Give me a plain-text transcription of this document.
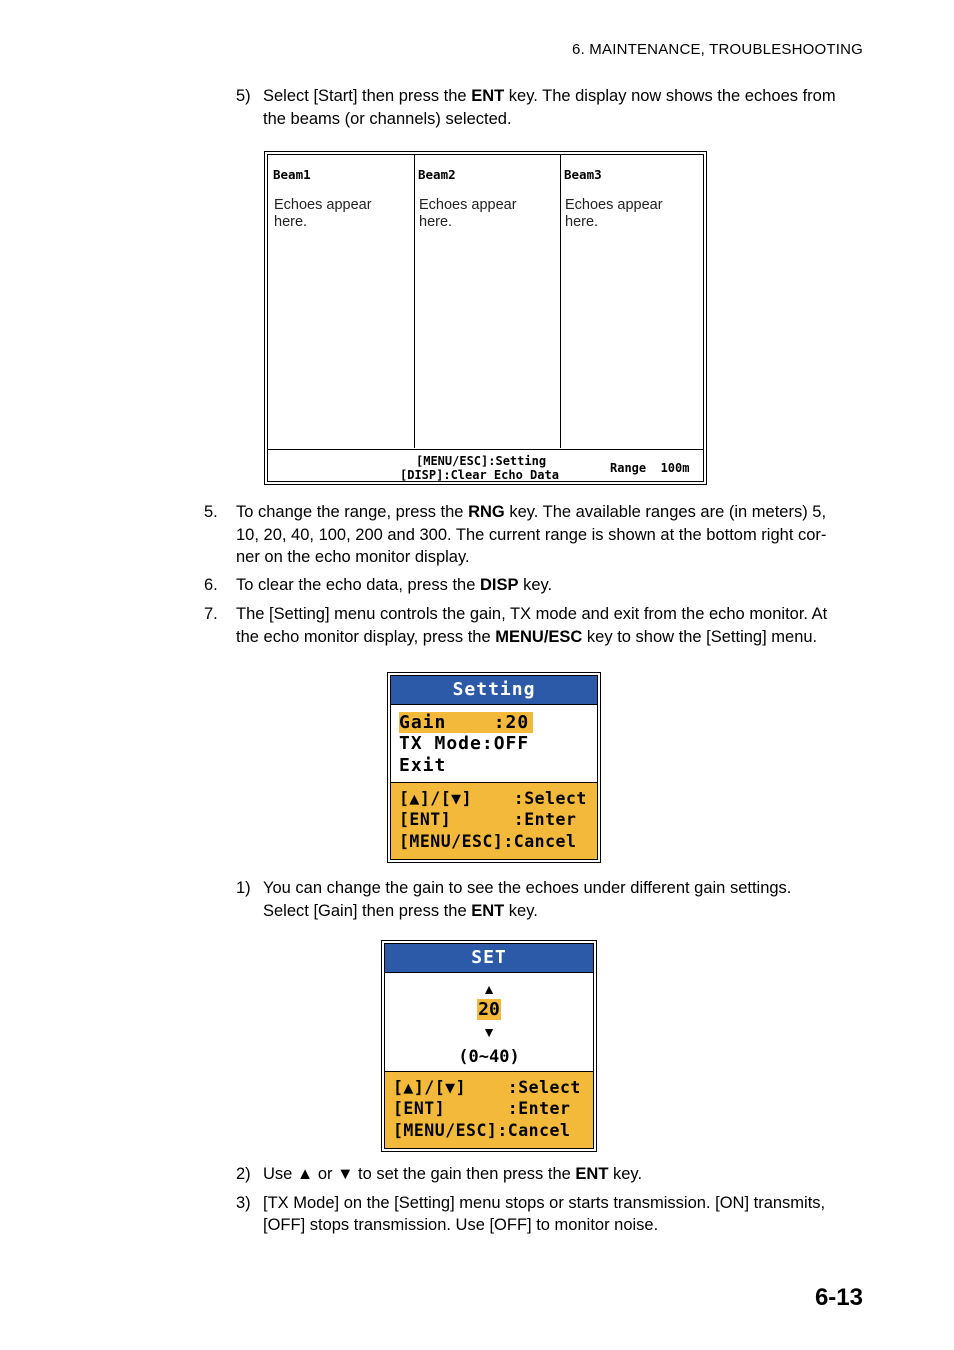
6. MAINTENANCE, TROUBLESHOOTING
5) Select [Start] then press the ENT key. The display now shows the echoes from
the beams (or channels) selected.
Beam1
Echoes appear
here.
Beam2
Echoes appear
here.
Beam3
Echoes appear
here.
[MENU/ESC]:Setting
[DISP]:Clear Echo Data	Range  100m
5. To change the range, press the RNG key. The available ranges are (in meters) 5,
10, 20, 40, 100, 200 and 300. The current range is shown at the bottom right cor-
ner on the echo monitor display.
6. To clear the echo data, press the DISP key.
7. The [Setting] menu controls the gain, TX mode and exit from the echo monitor. At
the echo monitor display, press the MENU/ESC key to show the [Setting] menu.
Setting
Gain    :20
TX Mode:OFF
Exit
[▲]/[▼]    :Select
[ENT]      :Enter
[MENU/ESC]:Cancel
1) You can change the gain to see the echoes under different gain settings.
Select [Gain] then press the ENT key.
SET
▲
20
▼
(0~40)
[▲]/[▼]    :Select
[ENT]      :Enter
[MENU/ESC]:Cancel
2) Use ▲ or ▼ to set the gain then press the ENT key.
3) [TX Mode] on the [Setting] menu stops or starts transmission. [ON] transmits,
[OFF] stops transmission. Use [OFF] to monitor noise.
6-13
